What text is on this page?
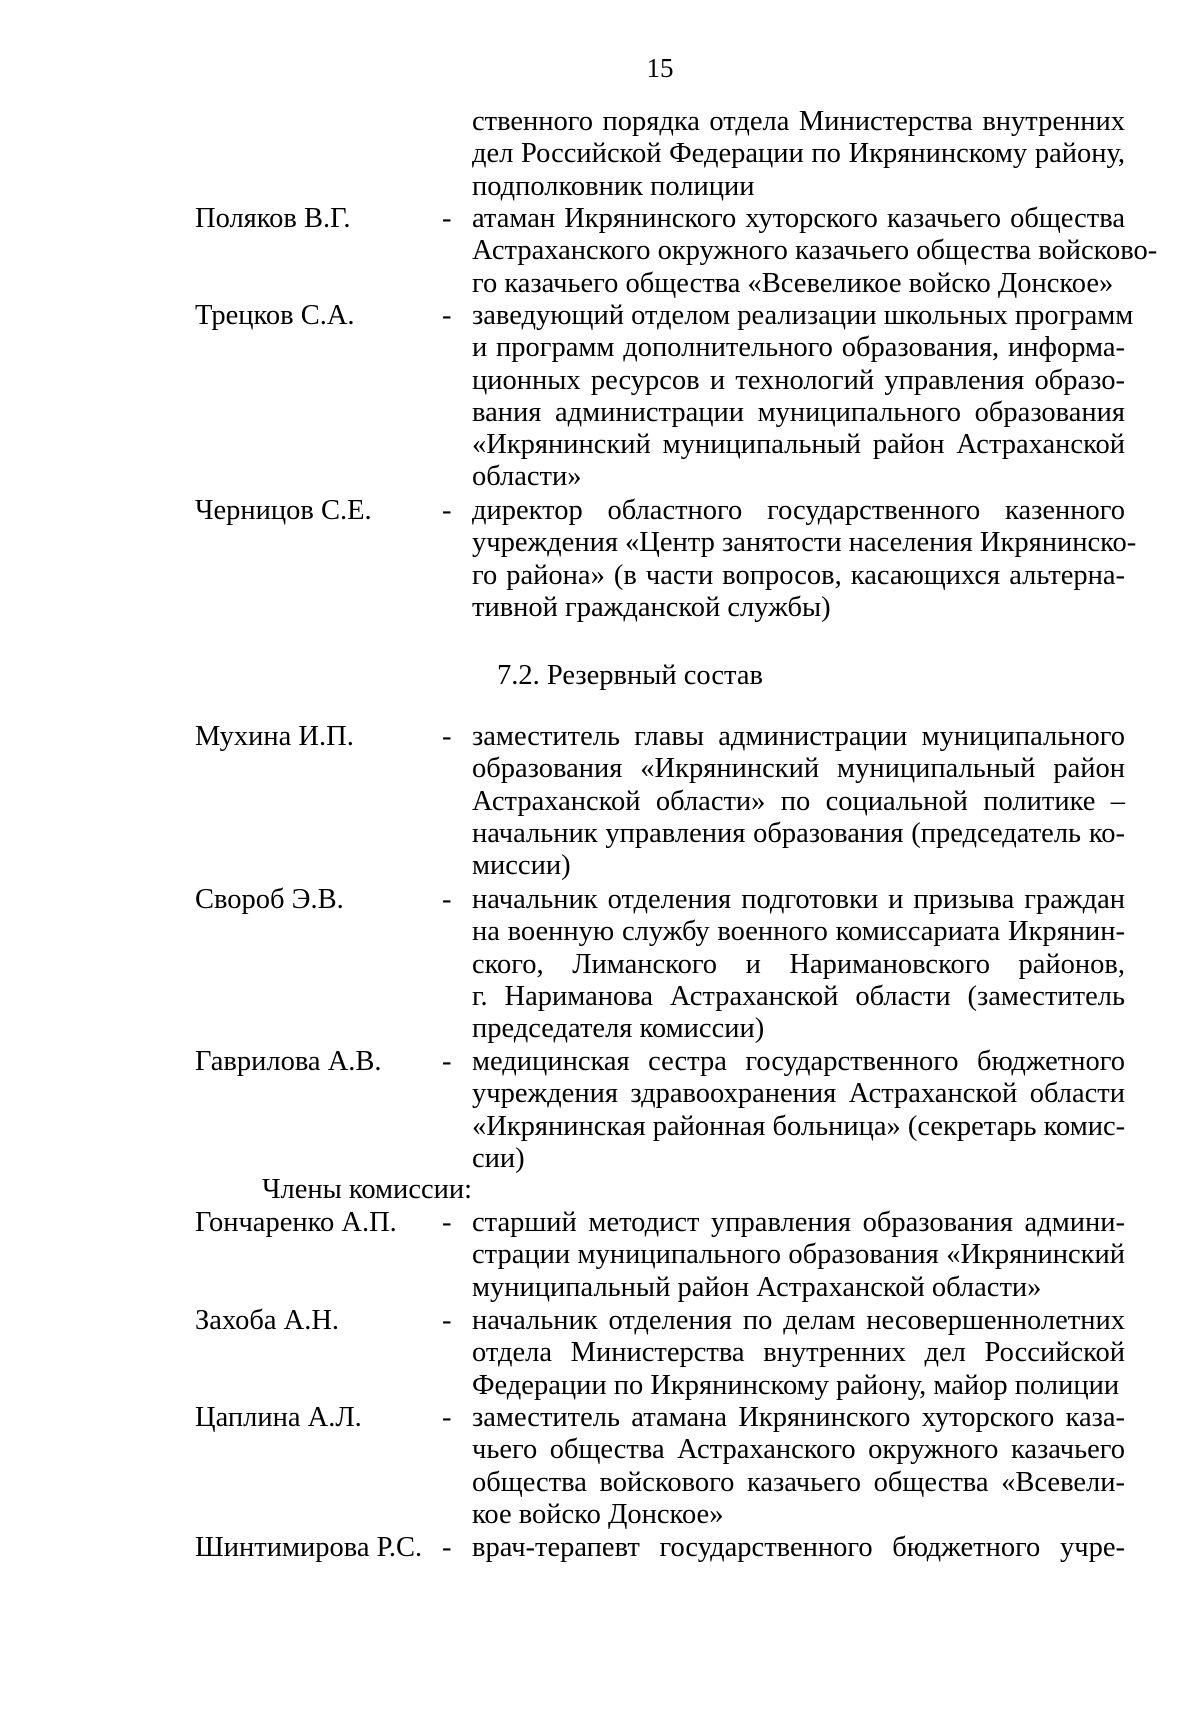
15
ственного порядка отдела Министерства внутренних
дел Российской Федерации по Икрянинскому району,
подполковник полиции
Поляков В.Г.	- атаман Икрянинского хуторского казачьего общества
Астраханского окружного казачьего общества войсково-
го казачьего общества «Всевеликое войско Донское»
Трецков С.А.	- заведующий отделом реализации школьных программ
и программ дополнительного образования, информа-
ционных ресурсов и технологий управления образо-
вания администрации муниципального образования
«Икрянинский муниципальный район Астраханской
области»
Черницов С.Е. - директор областного государственного казенного
учреждения «Центр занятости населения Икрянинско-
го района» (в части вопросов, касающихся альтерна-
тивной гражданской службы)
7.2. Резервный состав
Мухина И.П.	- заместитель главы администрации муниципального
образования «Икрянинский муниципальный район
Астраханской области» по социальной политике –
начальник управления образования (председатель ко-
миссии)
Свороб Э.В.	- начальник отделения подготовки и призыва граждан
на военную службу военного комиссариата Икрянин-
ского, Лиманского и Наримановского районов,
г. Нариманова Астраханской области (заместитель
председателя комиссии)
Гаврилова А.В. - медицинская сестра государственного бюджетного
учреждения здравоохранения Астраханской области
«Икрянинская районная больница» (секретарь комис-
сии)
Члены комиссии:
Гончаренко А.П. - старший методист управления образования админи-
страции муниципального образования «Икрянинский
муниципальный район Астраханской области»
Захоба А.Н.	- начальник отделения по делам несовершеннолетних
отдела Министерства внутренних дел Российской
Федерации по Икрянинскому району, майор полиции
Цаплина А.Л.	- заместитель атамана Икрянинского хуторского каза-
чьего общества Астраханского окружного казачьего
общества войскового казачьего общества «Всевели-
кое войско Донское»
Шинтимирова Р.С. - врач-терапевт государственного бюджетного учре-
